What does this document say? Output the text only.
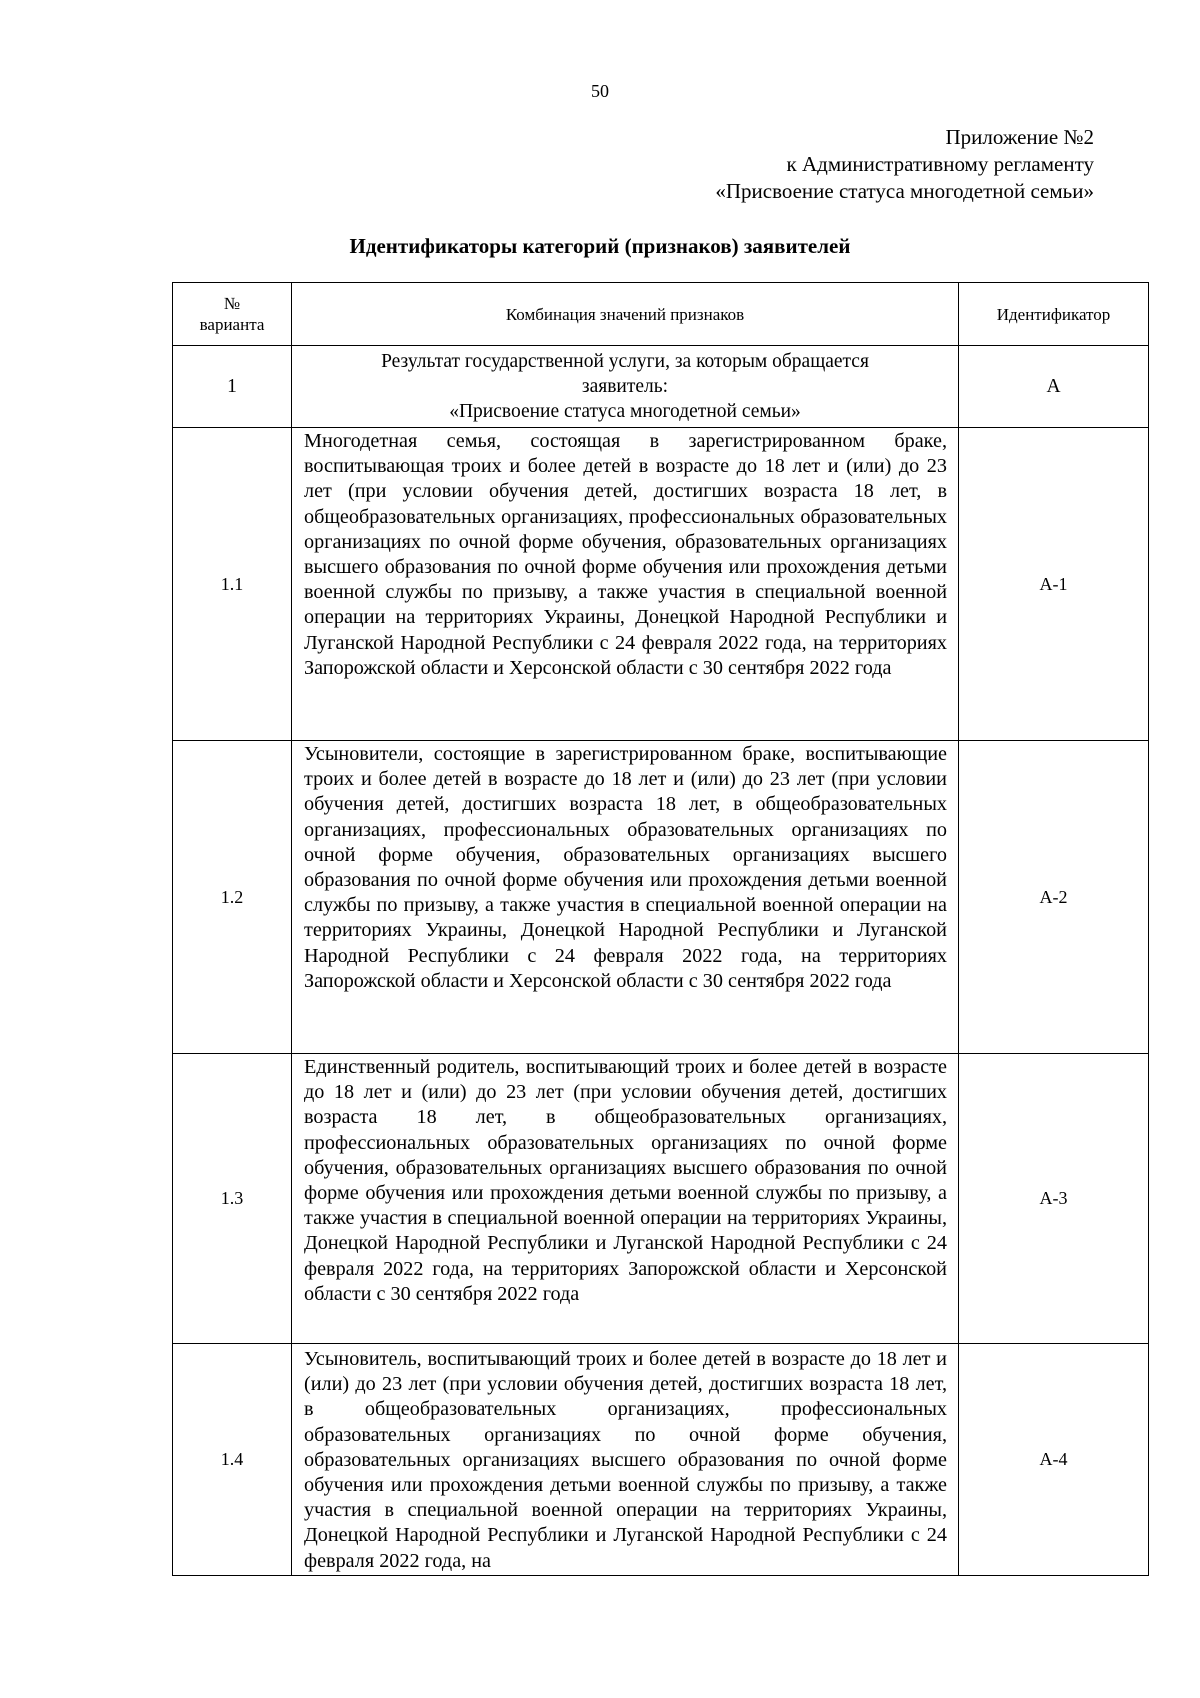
50
Приложение №2
к Административному регламенту
«Присвоение статуса многодетной семьи»
Идентификаторы категорий (признаков) заявителей
№
варианта	Комбинация значений признаков	Идентификатор
1	Результат государственной услуги, за которым обращается
заявитель:
«Присвоение статуса многодетной семьи»	А
1.1	Многодетная семья, состоящая в зарегистрированном браке, воспитывающая троих и более детей в возрасте до 18 лет и (или) до 23 лет (при условии обучения детей, достигших возраста 18 лет, в общеобразовательных организациях, профессиональных образовательных организациях по очной форме обучения, образовательных организациях высшего образования по очной форме обучения или прохождения детьми военной службы по призыву, а также участия в специальной военной операции на территориях Украины, Донецкой Народной Республики и Луганской Народной Республики с 24 февраля 2022 года, на территориях Запорожской области и Херсонской области с 30 сентября 2022 года	А-1
1.2	Усыновители, состоящие в зарегистрированном браке, воспитывающие троих и более детей в возрасте до 18 лет и (или) до 23 лет (при условии обучения детей, достигших возраста 18 лет, в общеобразовательных организациях, профессиональных образовательных организациях по очной форме обучения, образовательных организациях высшего образования по очной форме обучения или прохождения детьми военной службы по призыву, а также участия в специальной военной операции на территориях Украины, Донецкой Народной Республики и Луганской Народной Республики с 24 февраля 2022 года, на территориях Запорожской области и Херсонской области с 30 сентября 2022 года	А-2
1.3	Единственный родитель, воспитывающий троих и более детей в возрасте до 18 лет и (или) до 23 лет (при условии обучения детей, достигших возраста 18 лет, в общеобразовательных организациях, профессиональных образовательных организациях по очной форме обучения, образовательных организациях высшего образования по очной форме обучения или прохождения детьми военной службы по призыву, а также участия в специальной военной операции на территориях Украины, Донецкой Народной Республики и Луганской Народной Республики с 24 февраля 2022 года, на территориях Запорожской области и Херсонской области с 30 сентября 2022 года	А-3
1.4	Усыновитель, воспитывающий троих и более детей в возрасте до 18 лет и (или) до 23 лет (при условии обучения детей, достигших возраста 18 лет, в общеобразовательных организациях, профессиональных образовательных организациях по очной форме обучения, образовательных организациях высшего образования по очной форме обучения или прохождения детьми военной службы по призыву, а также участия в специальной военной операции на территориях Украины, Донецкой Народной Республики и Луганской Народной Республики с 24 февраля 2022 года, на	А-4
